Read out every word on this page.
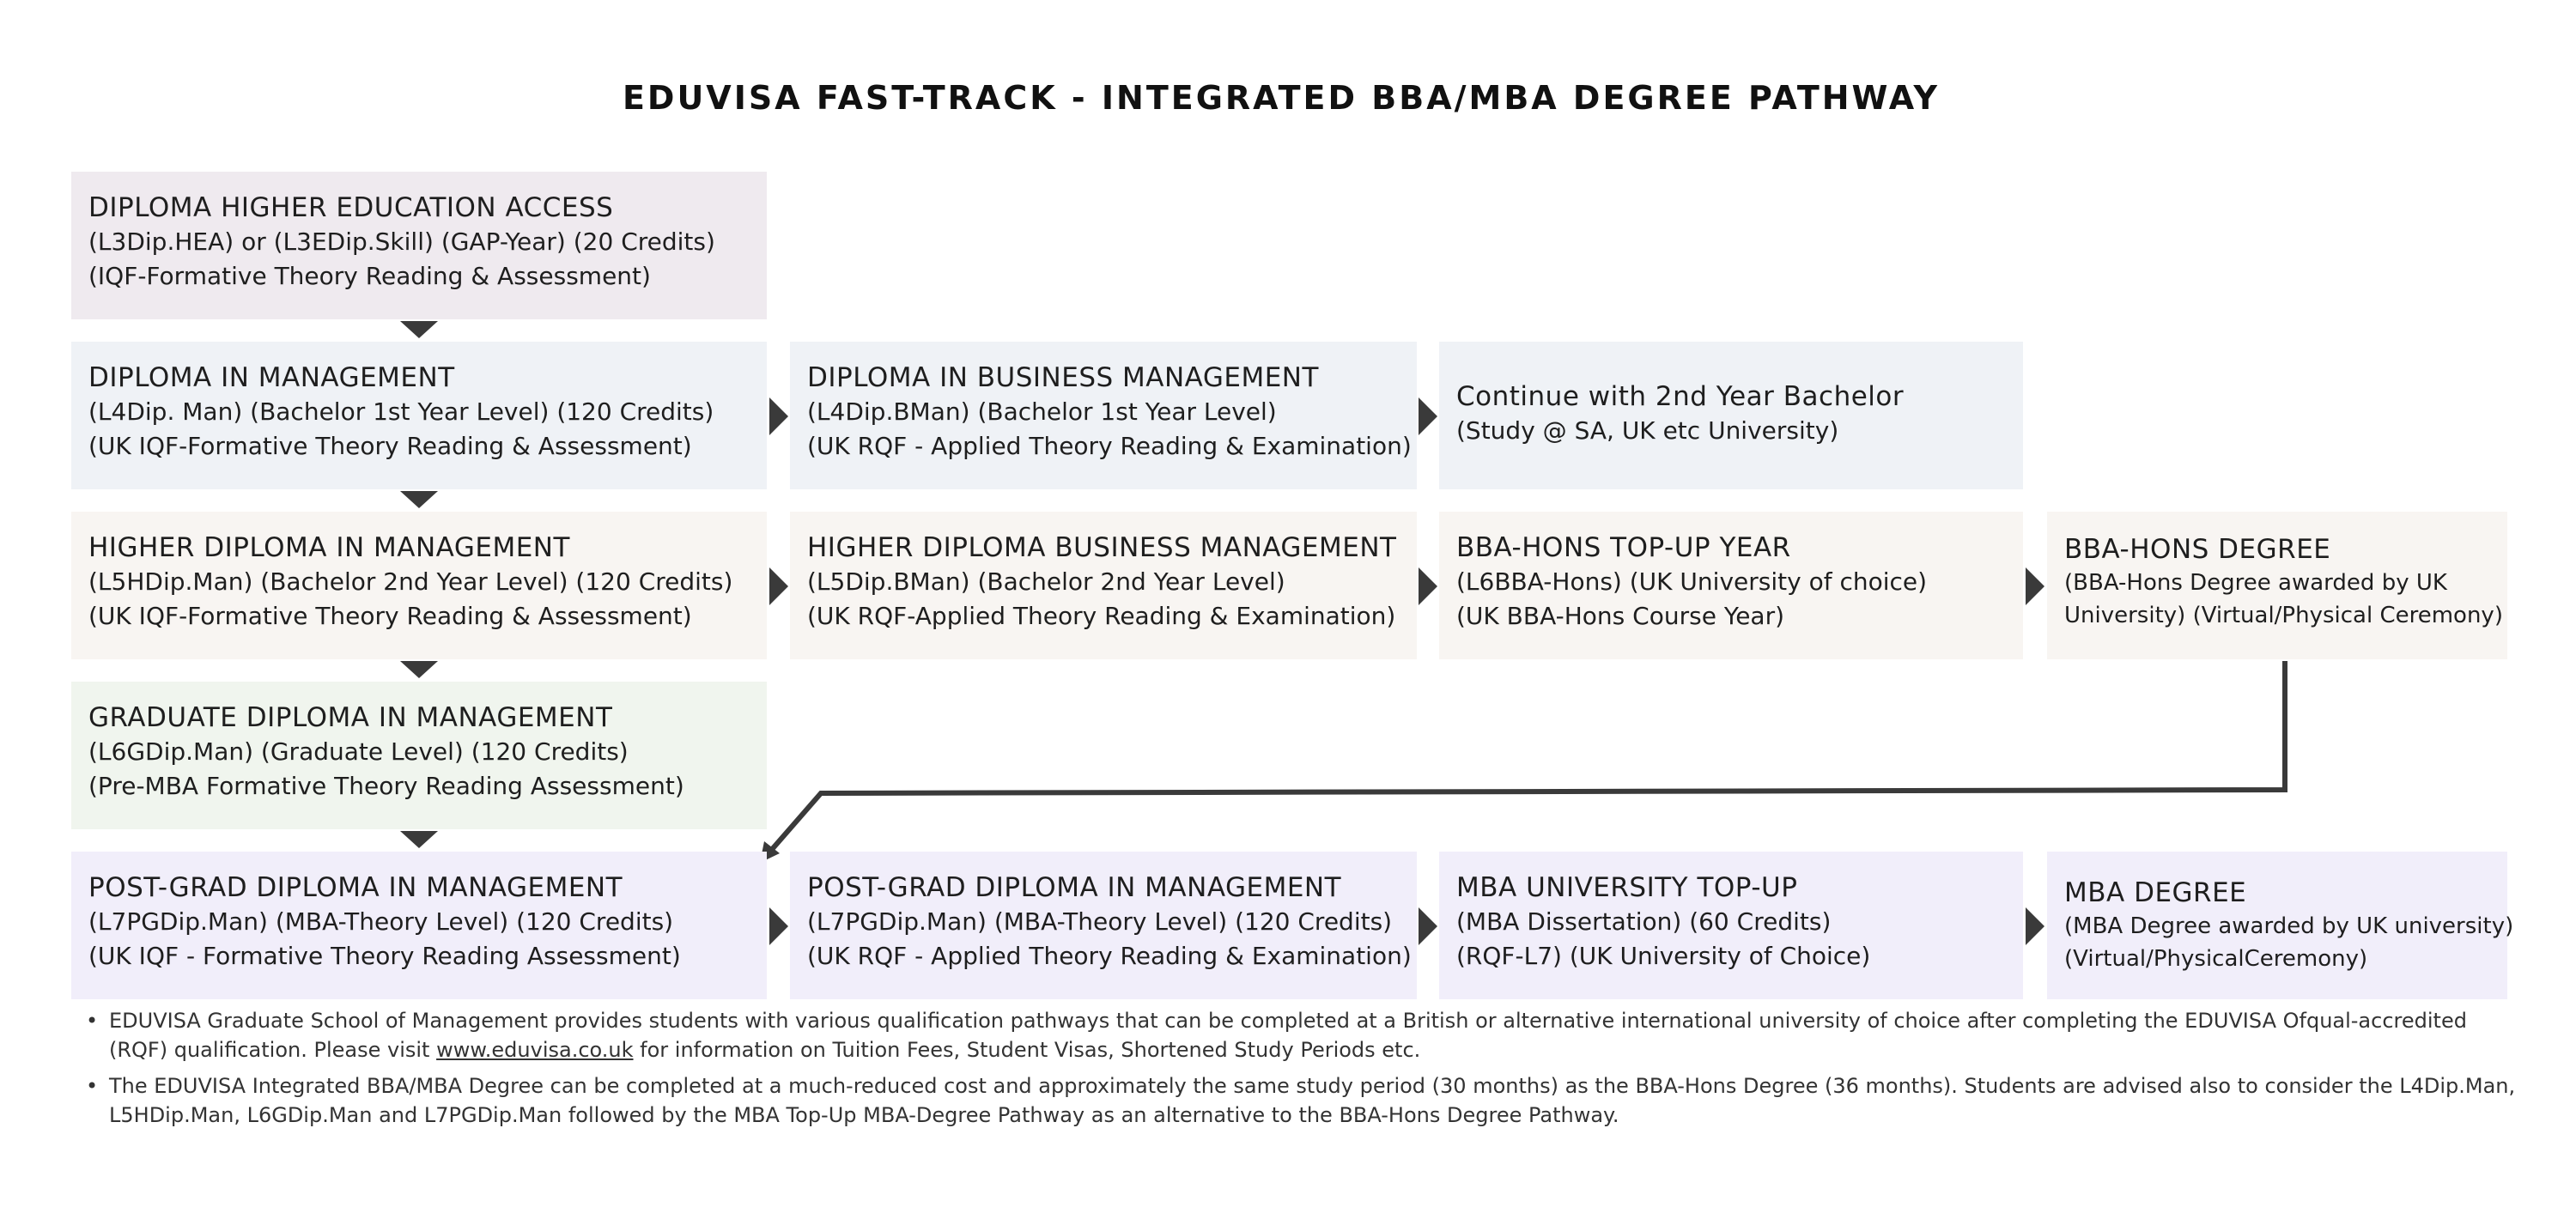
EDUVISA FAST-TRACK - INTEGRATED BBA/MBA DEGREE PATHWAY
DIPLOMA HIGHER EDUCATION ACCESS
(L3Dip.HEA) or (L3EDip.Skill) (GAP-Year) (20 Credits)
(IQF-Formative Theory Reading & Assessment)
DIPLOMA IN MANAGEMENT
(L4Dip. Man) (Bachelor 1st Year Level) (120 Credits)
(UK IQF-Formative Theory Reading & Assessment)
DIPLOMA IN BUSINESS MANAGEMENT
(L4Dip.BMan) (Bachelor 1st Year Level)
(UK RQF - Applied Theory Reading & Examination)
Continue with 2nd Year Bachelor
(Study @ SA, UK etc University)
HIGHER DIPLOMA IN MANAGEMENT
(L5HDip.Man) (Bachelor 2nd Year Level) (120 Credits)
(UK IQF-Formative Theory Reading & Assessment)
HIGHER DIPLOMA BUSINESS MANAGEMENT
(L5Dip.BMan) (Bachelor 2nd Year Level)
(UK RQF-Applied Theory Reading & Examination)
BBA-HONS TOP-UP YEAR
(L6BBA-Hons) (UK University of choice)
(UK BBA-Hons Course Year)
BBA-HONS DEGREE
(BBA-Hons Degree awarded by UK
University) (Virtual/Physical Ceremony)
GRADUATE DIPLOMA IN MANAGEMENT
(L6GDip.Man) (Graduate Level) (120 Credits)
(Pre-MBA Formative Theory Reading Assessment)
POST-GRAD DIPLOMA IN MANAGEMENT
(L7PGDip.Man) (MBA-Theory Level) (120 Credits)
(UK IQF - Formative Theory Reading Assessment)
POST-GRAD DIPLOMA IN MANAGEMENT
(L7PGDip.Man) (MBA-Theory Level) (120 Credits)
(UK RQF - Applied Theory Reading & Examination)
MBA UNIVERSITY TOP-UP
(MBA Dissertation) (60 Credits)
(RQF-L7) (UK University of Choice)
MBA DEGREE
(MBA Degree awarded by UK university)
(Virtual/PhysicalCeremony)
• EDUVISA Graduate School of Management provides students with various qualification pathways that can be completed at a British or alternative international university of choice after completing the EDUVISA Ofqual-accredited (RQF) qualification. Please visit www.eduvisa.co.uk for information on Tuition Fees, Student Visas, Shortened Study Periods etc.
• The EDUVISA Integrated BBA/MBA Degree can be completed at a much-reduced cost and approximately the same study period (30 months) as the BBA-Hons Degree (36 months). Students are advised also to consider the L4Dip.Man, L5HDip.Man, L6GDip.Man and L7PGDip.Man followed by the MBA Top-Up MBA-Degree Pathway as an alternative to the BBA-Hons Degree Pathway.
